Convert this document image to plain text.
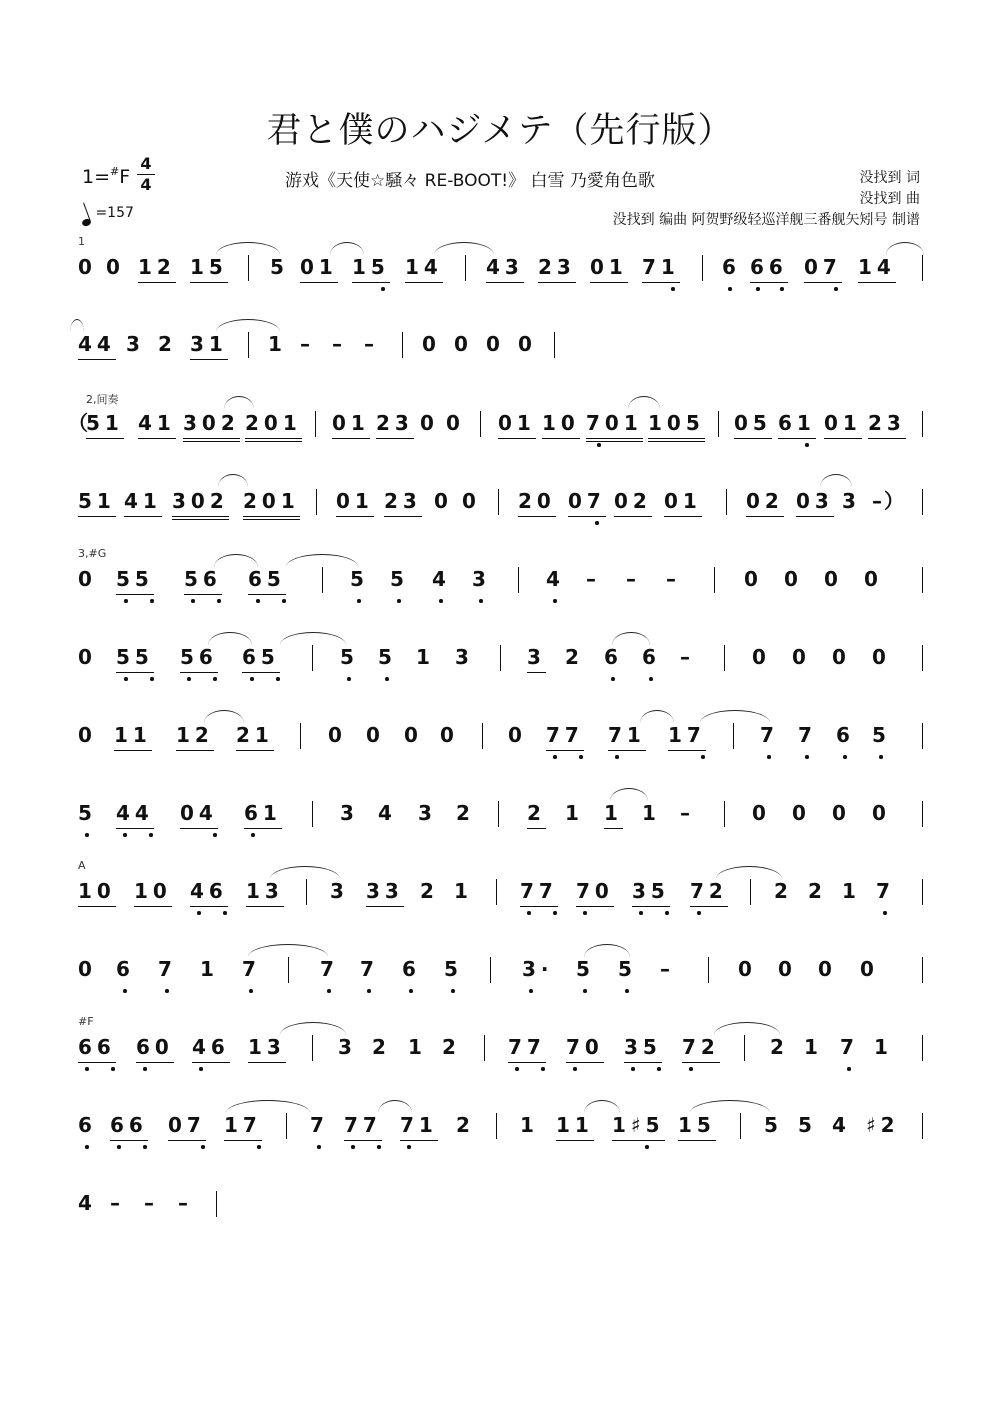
君と僕のハジメテ（先行版）
1=#F
4
4
=157
游戏《天使☆騒々 RE-BOOT!》 白雪 乃愛角色歌	没找到 词
没找到 曲
没找到 编曲 阿贺野级轻巡洋舰三番舰矢矧号 制谱
1
2,间奏
3,#G
A
#F
0 0 12 15 5 01 15 14 43 23 01 71 6 66 07 14
44 3 2 31 1 – – – 0 0 0 0
51 41 302 201 01 23 0 0 01 10 701 105 05 61 01 23
51 41 302 201 01 23 0 0 20 07 02 01 02 03 3 –
0 55 56 65	5 5 4 3	4 – – –	0 0 0 0
0 55 56 65	5 5 1 3	3 2 6 6 –	0 0 0 0
0 11 12 21	0 0 0 0 0 77 71 17	7 7 6 5
5 44 04 61	3 4 3 2	2 1 1 1 –	0 0 0 0
10 10 46 13 3 33 2 1 77 70 35 72 2 2 1 7
0 6 7 1 7	7 7 6 5	3· 5 5 –	0 0 0 0
66 60 46 13	3 2 1 2 77 70 35 72	2 1 7 1
6 66 07 17 7 77 71 2 1 11 1♯5 15 5 5 4 ♯2
4 – – –
（
）
